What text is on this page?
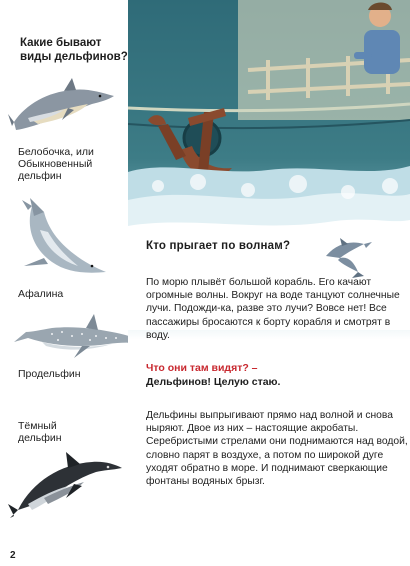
Какие бывают виды дельфинов?
Белобочка, или Обыкновенный дельфин
Афалина
Продельфин
Тёмный дельфин
Кто прыгает по волнам?

По морю плывёт большой корабль. Его качают огромные волны. Вокруг на воде танцуют солнечные лучи. Подожди-ка, разве это лучи? Вовсе нет! Все пассажиры бросаются к борту корабля и смотрят в воду.

Что они там видят? –
Дельфинов! Целую стаю.

Дельфины выпрыгивают прямо над волной и снова ныряют. Двое из них – настоящие акробаты. Серебристыми стрелами они поднимаются над водой, словно парят в воздухе, а потом по широкой дуге уходят обратно в море. И поднимают сверкающие фонтаны водяных брызг.

2
